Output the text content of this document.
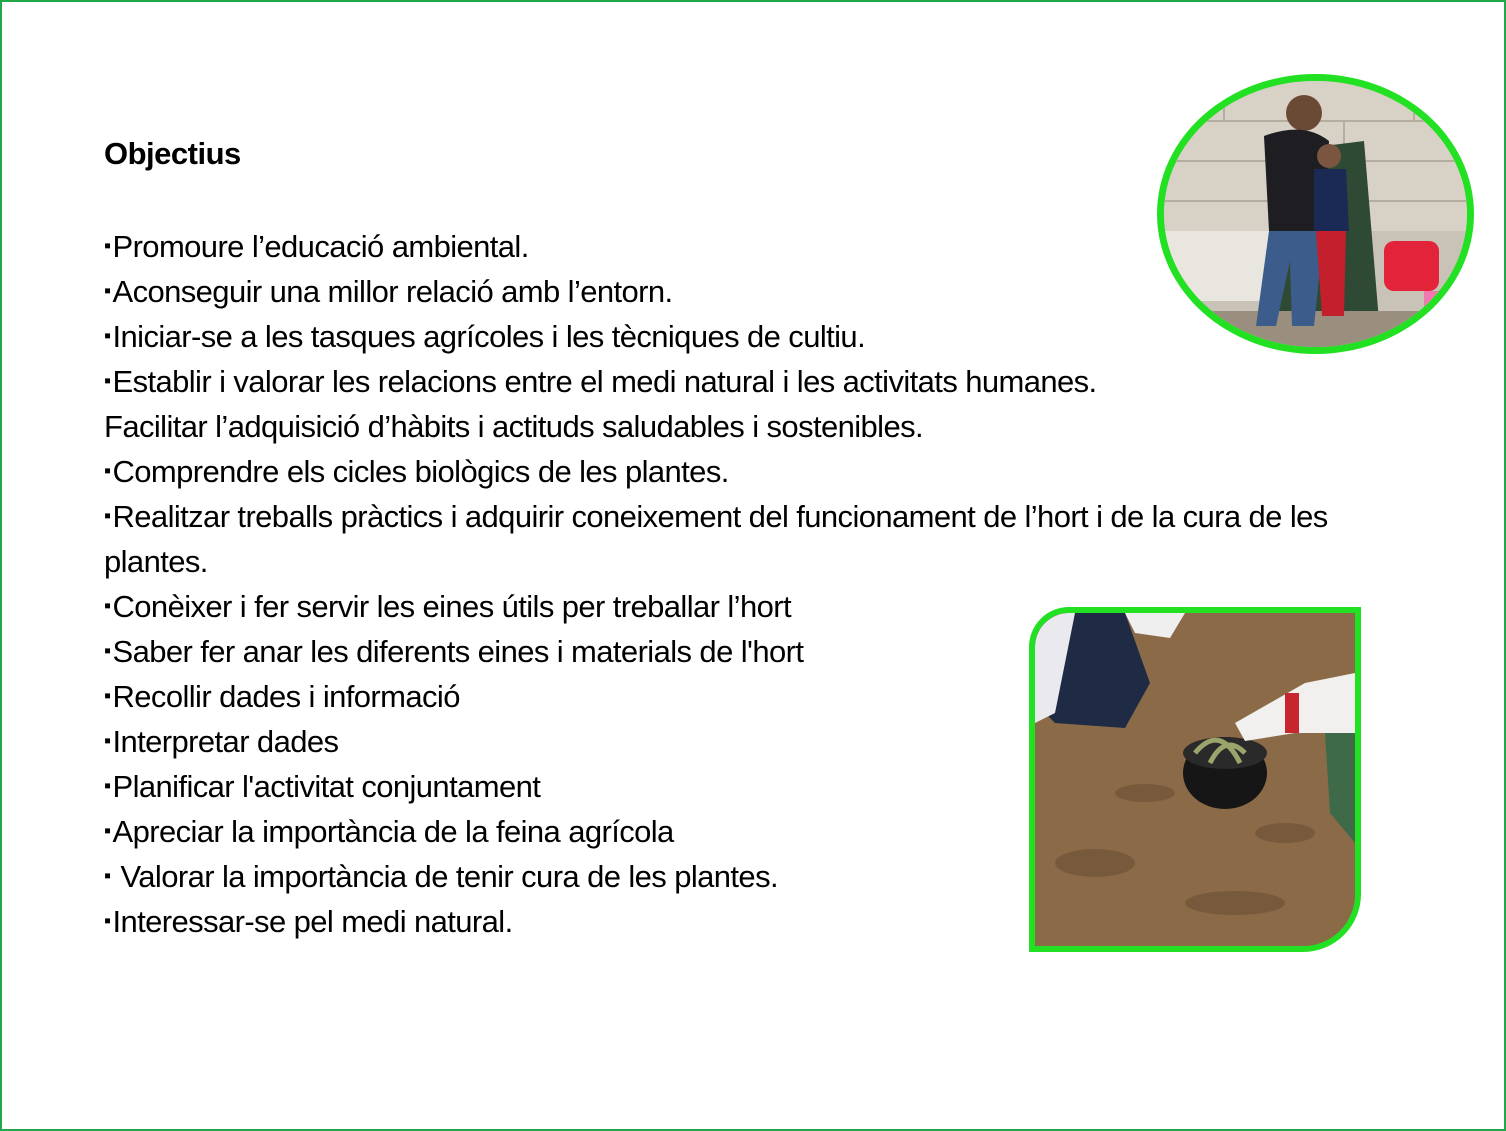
Objectius
▪Promoure l’educació ambiental.
▪Aconseguir una millor relació amb l’entorn.
▪Iniciar-se a les tasques agrícoles i les tècniques de cultiu.
▪Establir i valorar les relacions entre el medi natural i les activitats humanes.
Facilitar l’adquisició d’hàbits i actituds saludables i sostenibles.
▪Comprendre els cicles biològics de les plantes.
▪Realitzar treballs pràctics i adquirir coneixement del funcionament de l’hort i de la cura de les plantes.
▪Conèixer i fer servir les eines útils per treballar l’hort
▪Saber fer anar les diferents eines i materials de l'hort
▪Recollir dades i informació
▪Interpretar dades
▪Planificar l'activitat conjuntament
▪Apreciar la importància de la feina agrícola
▪ Valorar la importància de tenir cura de les plantes.
▪Interessar-se pel medi natural.
